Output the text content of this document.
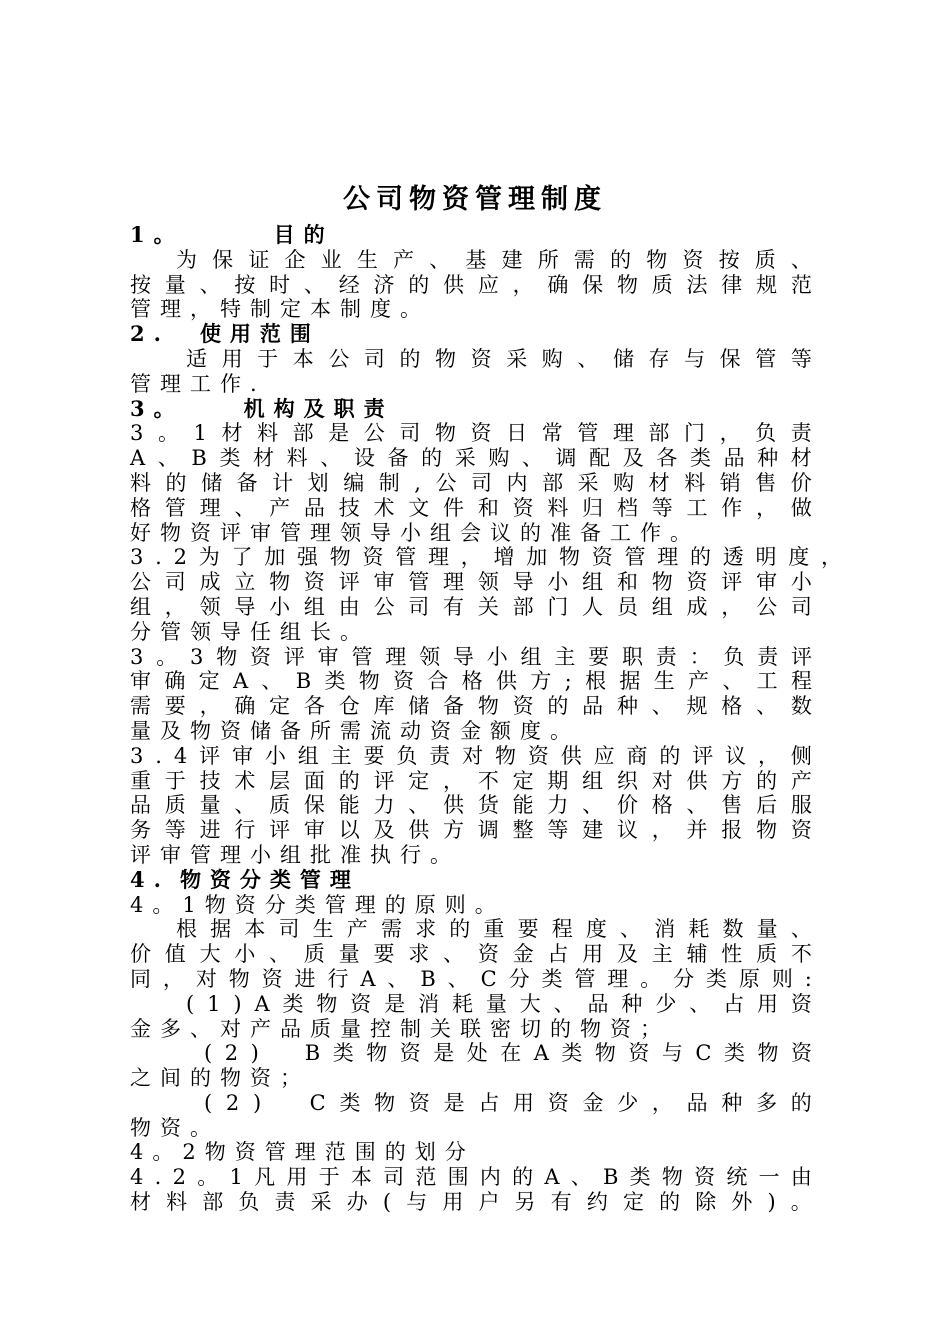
公司物资管理制度
1。	目的
为 保 证 企 业 生 产 、 基 建 所 需 的 物 资 按 质 、
按 量 、 按 时 、 经 济 的 供 应 ， 确 保 物 质 法 律 规 范
管理，特制定本制度。
2. 使用范围
适 用 于 本 公 司 的 物 资 采 购 、 储 存 与 保 管 等
管理工作.
3。	机构及职责
3 。 1 材 料 部 是 公 司 物 资 日 常 管 理 部 门 ， 负 责
A 、 B 类 材 料 、 设 备 的 采 购 、 调 配 及 各 类 品 种 材
料 的 储 备 计 划 编 制 , 公 司 内 部 采 购 材 料 销 售 价
格 管 理 、 产 品 技 术 文 件 和 资 料 归 档 等 工 作 ， 做
好物资评审管理领导小组会议的准备工作。
3 . 2 为 了 加 强 物 资 管 理 ， 增 加 物 资 管 理 的 透 明 度 ，
公 司 成 立 物 资 评 审 管 理 领 导 小 组 和 物 资 评 审 小
组 ， 领 导 小 组 由 公 司 有 关 部 门 人 员 组 成 ， 公 司
分管领导任组长。
3 。 3 物 资 评 审 管 理 领 导 小 组 主 要 职 责 ： 负 责 评
审 确 定 A 、 B 类 物 资 合 格 供 方 ; 根 据 生 产 、 工 程
需 要 ， 确 定 各 仓 库 储 备 物 资 的 品 种 、 规 格 、 数
量及物资储备所需流动资金额度。
3 . 4 评 审 小 组 主 要 负 责 对 物 资 供 应 商 的 评 议 ， 侧
重 于 技 术 层 面 的 评 定 ， 不 定 期 组 织 对 供 方 的 产
品 质 量 、 质 保 能 力 、 供 货 能 力 、 价 格 、 售 后 服
务 等 进 行 评 审 以 及 供 方 调 整 等 建 议 ， 并 报 物 资
评审管理小组批准执行。
4. 物资分类管理
4。1物资分类管理的原则。
根 据 本 司 生 产 需 求 的 重 要 程 度 、 消 耗 数 量 、
价 值 大 小 、 质 量 要 求 、 资 金 占 用 及 主 辅 性 质 不
同 ， 对 物 资 进 行 A 、 B 、 C 分 类 管 理 。 分 类 原 则 :
( 1 ) A 类 物 资 是 消 耗 量 大 、 品 种 少 、 占 用 资
金多、对产品质量控制关联密切的物资；
( 2 )
　 B 类 物 资 是 处 在 A 类 物 资 与 C 类 物 资
之间的物资；
( 2 )
　 C 类 物 资 是 占 用 资 金 少 ， 品 种 多 的
物资。
4。2物资管理范围的划分
4 . 2 。 1 凡 用 于 本 司 范 围 内 的 A 、 B 类 物 资 统 一 由
材 料 部 负 责 采 办 ( 与 用 户 另 有 约 定 的 除 外 ) 。
